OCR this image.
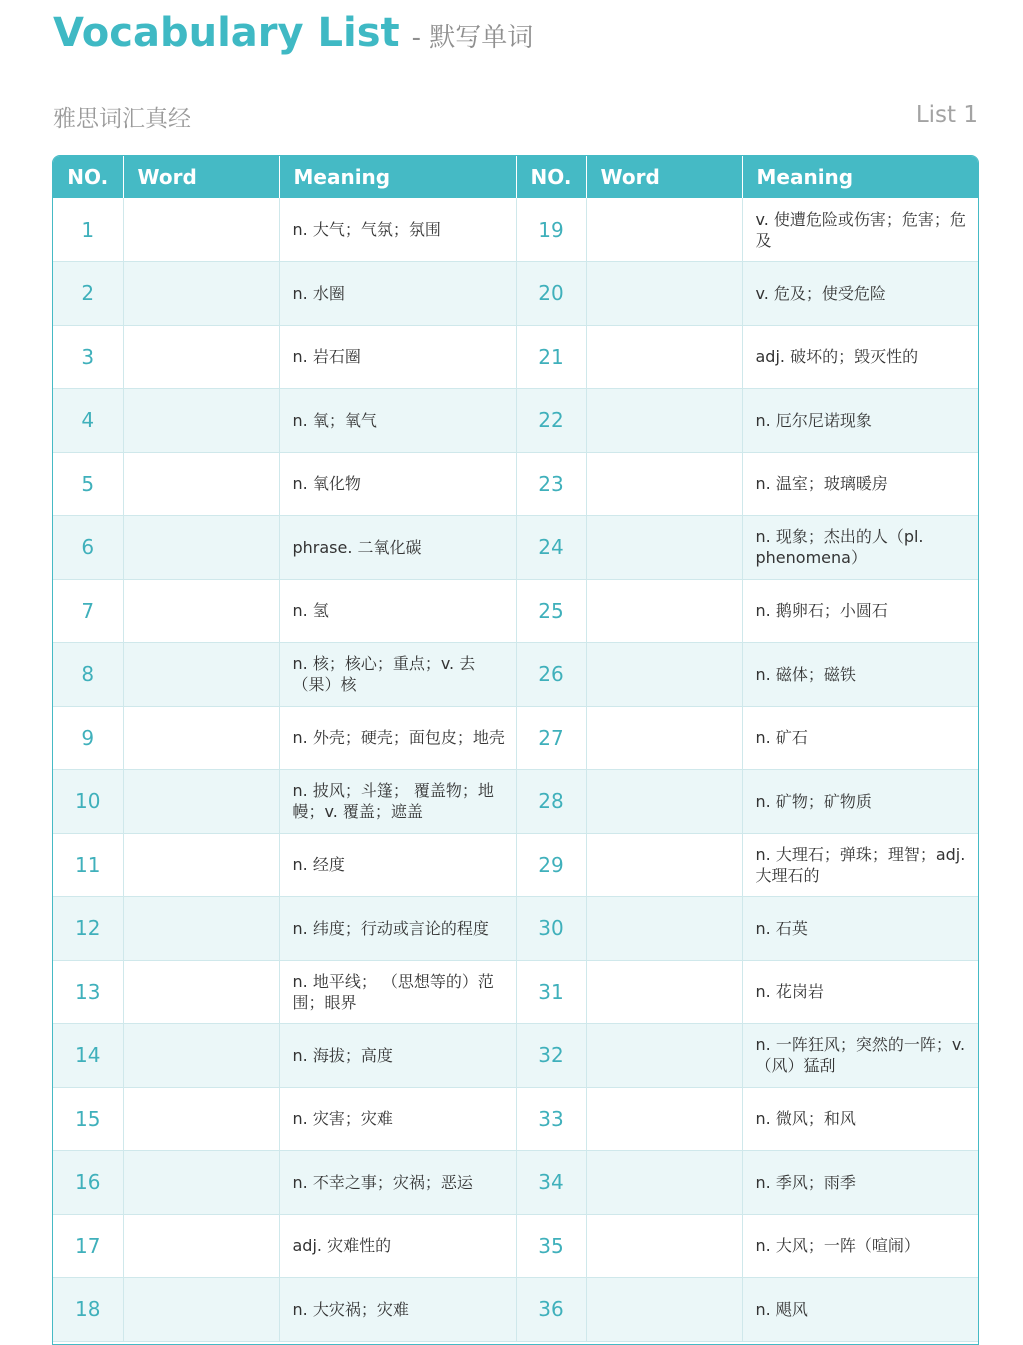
Vocabulary List - 默写单词
雅思词汇真经	List 1
NO.	Word	Meaning	NO.	Word	Meaning
1		n. 大气；气氛；氛围	19		v. 使遭危险或伤害；危害；危及
2		n. 水圈	20		v. 危及；使受危险
3		n. 岩石圈	21		adj. 破坏的；毁灭性的
4		n. 氧；氧气	22		n. 厄尔尼诺现象
5		n. 氧化物	23		n. 温室；玻璃暖房
6		phrase. 二氧化碳	24		n. 现象；杰出的人（pl. phenomena）
7		n. 氢	25		n. 鹅卵石；小圆石
8		n. 核；核心；重点；v. 去（果）核	26		n. 磁体；磁铁
9		n. 外壳；硬壳；面包皮；地壳	27		n. 矿石
10		n. 披风；斗篷； 覆盖物；地幔；v. 覆盖；遮盖	28		n. 矿物；矿物质
11		n. 经度	29		n. 大理石；弹珠；理智；adj. 大理石的
12		n. 纬度；行动或言论的程度	30		n. 石英
13		n. 地平线； （思想等的）范围；眼界	31		n. 花岗岩
14		n. 海拔；高度	32		n. 一阵狂风；突然的一阵；v. （风）猛刮
15		n. 灾害；灾难	33		n. 微风；和风
16		n. 不幸之事；灾祸；恶运	34		n. 季风；雨季
17		adj. 灾难性的	35		n. 大风；一阵（喧闹）
18		n. 大灾祸；灾难	36		n. 飓风
